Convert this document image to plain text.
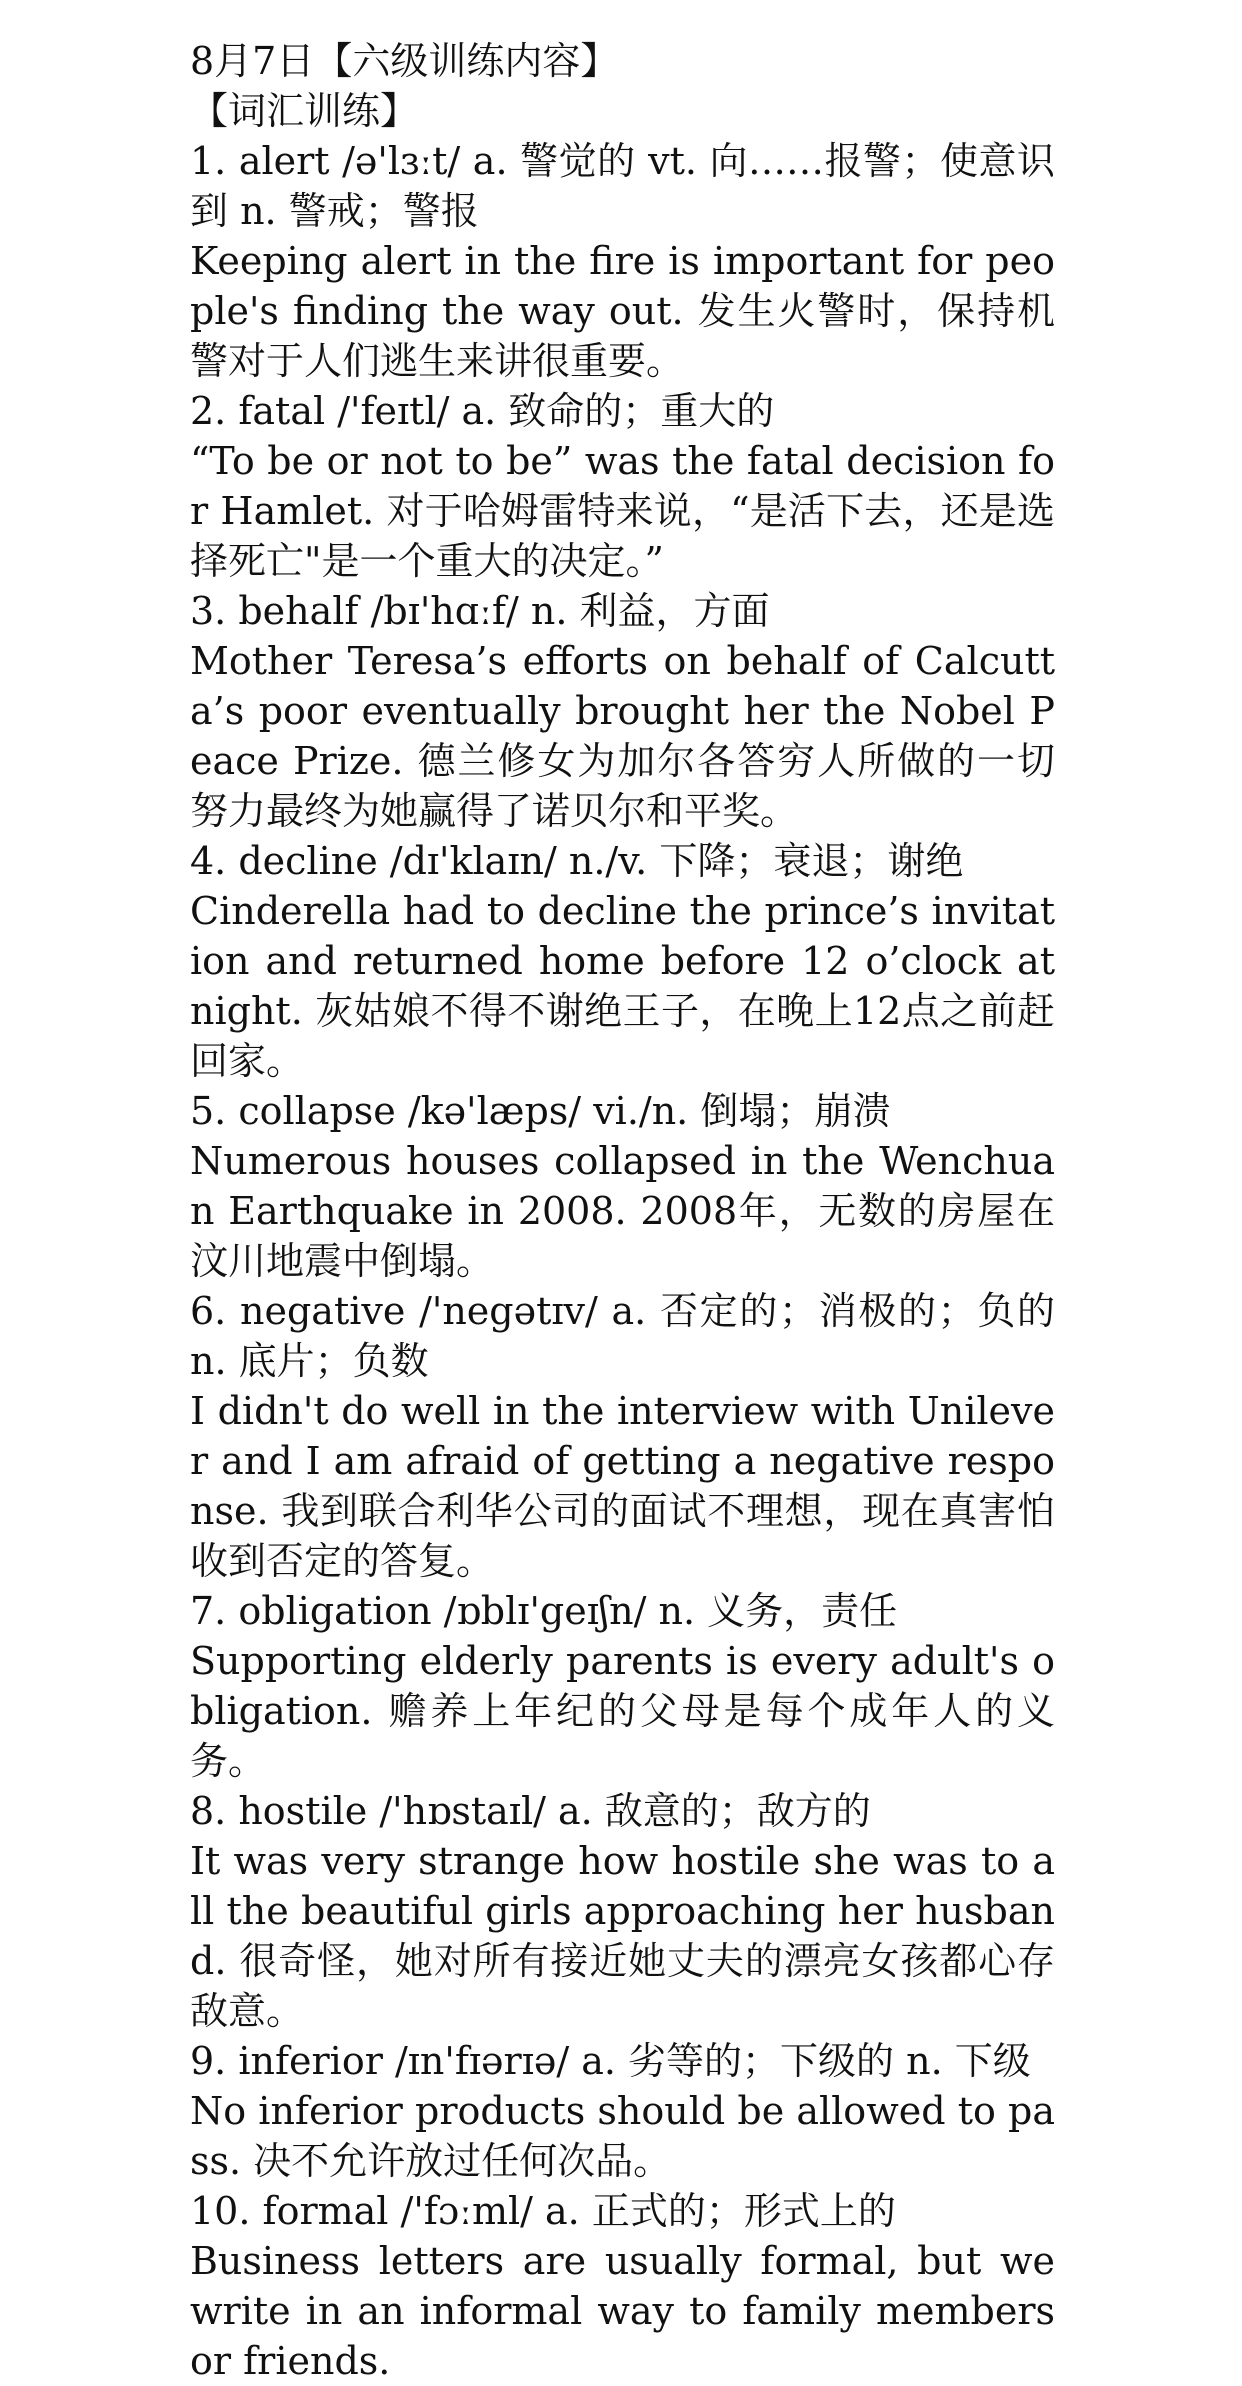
8月7日【六级训练内容】
【词汇训练】
1. alert /ə'lɜːt/ a. 警觉的 vt. 向……报警；使意识到 n. 警戒；警报
Keeping alert in the fire is important for people's finding the way out. 发生火警时，保持机警对于人们逃生来讲很重要。
2. fatal /'feɪtl/ a. 致命的；重大的
“To be or not to be” was the fatal decision for Hamlet. 对于哈姆雷特来说，“是活下去，还是选择死亡"是一个重大的决定。”
3. behalf /bɪ'hɑːf/ n. 利益，方面
Mother Teresa’s efforts on behalf of Calcutta’s poor eventually brought her the Nobel Peace Prize. 德兰修女为加尔各答穷人所做的一切努力最终为她赢得了诺贝尔和平奖。
4. decline /dɪ'klaɪn/ n./v. 下降；衰退；谢绝
Cinderella had to decline the prince’s invitation and returned home before 12 o’clock at night. 灰姑娘不得不谢绝王子，在晚上12点之前赶回家。
5. collapse /kə'læps/ vi./n. 倒塌；崩溃
Numerous houses collapsed in the Wenchuan Earthquake in 2008. 2008年，无数的房屋在汶川地震中倒塌。
6. negative /'negətɪv/ a. 否定的；消极的；负的 n. 底片；负数
I didn't do well in the interview with Unilever and I am afraid of getting a negative response. 我到联合利华公司的面试不理想，现在真害怕收到否定的答复。
7. obligation /ɒblɪ'geɪʃn/ n. 义务，责任
Supporting elderly parents is every adult's obligation. 赡养上年纪的父母是每个成年人的义务。
8. hostile /'hɒstaɪl/ a. 敌意的；敌方的
It was very strange how hostile she was to all the beautiful girls approaching her husband. 很奇怪，她对所有接近她丈夫的漂亮女孩都心存敌意。
9. inferior /ɪn'fɪərɪə/ a. 劣等的；下级的 n. 下级
No inferior products should be allowed to pass. 决不允许放过任何次品。
10. formal /'fɔːml/ a. 正式的；形式上的
Business letters are usually formal, but we write in an informal way to family members or friends.
